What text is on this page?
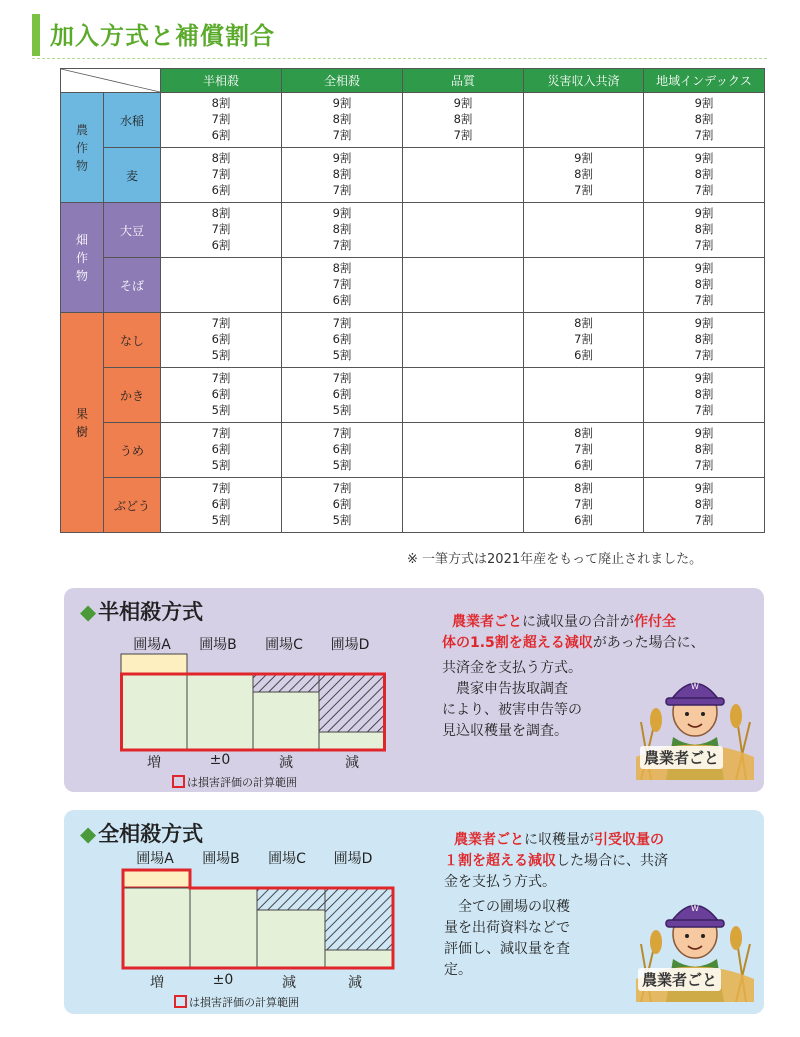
加入方式と補償割合
	半相殺	全相殺	品質	災害収入共済	地域インデックス
農
作
物	水稲	8割
7割
6割	9割
8割
7割	9割
8割
7割		9割
8割
7割

	麦	8割
7割
6割	9割
8割
7割		9割
8割
7割	9割
8割
7割

畑
作
物	大豆	8割
7割
6割	9割
8割
7割			9割
8割
7割

	そば		8割
7割
6割			9割
8割
7割

果
樹	なし	7割
6割
5割	7割
6割
5割		8割
7割
6割	9割
8割
7割

	かき	7割
6割
5割	7割
6割
5割			9割
8割
7割

	うめ	7割
6割
5割	7割
6割
5割		8割
7割
6割	9割
8割
7割

	ぶどう	7割
6割
5割	7割
6割
5割		8割
7割
6割	9割
8割
7割
※ 一筆方式は2021年産をもって廃止されました。
◆半相殺方式
圃場A	圃場B	圃場C	圃場D
増	±0	減	減
は損害評価の計算範囲
農業者ごとに減収量の合計が作付全
体の1.5割を超える減収があった場合に、
共済金を支払う方式。
農家申告抜取調査
により、被害申告等の
見込収穫量を調査。
W
農業者ごと
◆全相殺方式
圃場A	圃場B	圃場C	圃場D
増	±0	減	減
は損害評価の計算範囲
農業者ごとに収穫量が引受収量の
１割を超える減収した場合に、共済
金を支払う方式。
全ての圃場の収穫
量を出荷資料などで
評価し、減収量を査
定。
W
農業者ごと
